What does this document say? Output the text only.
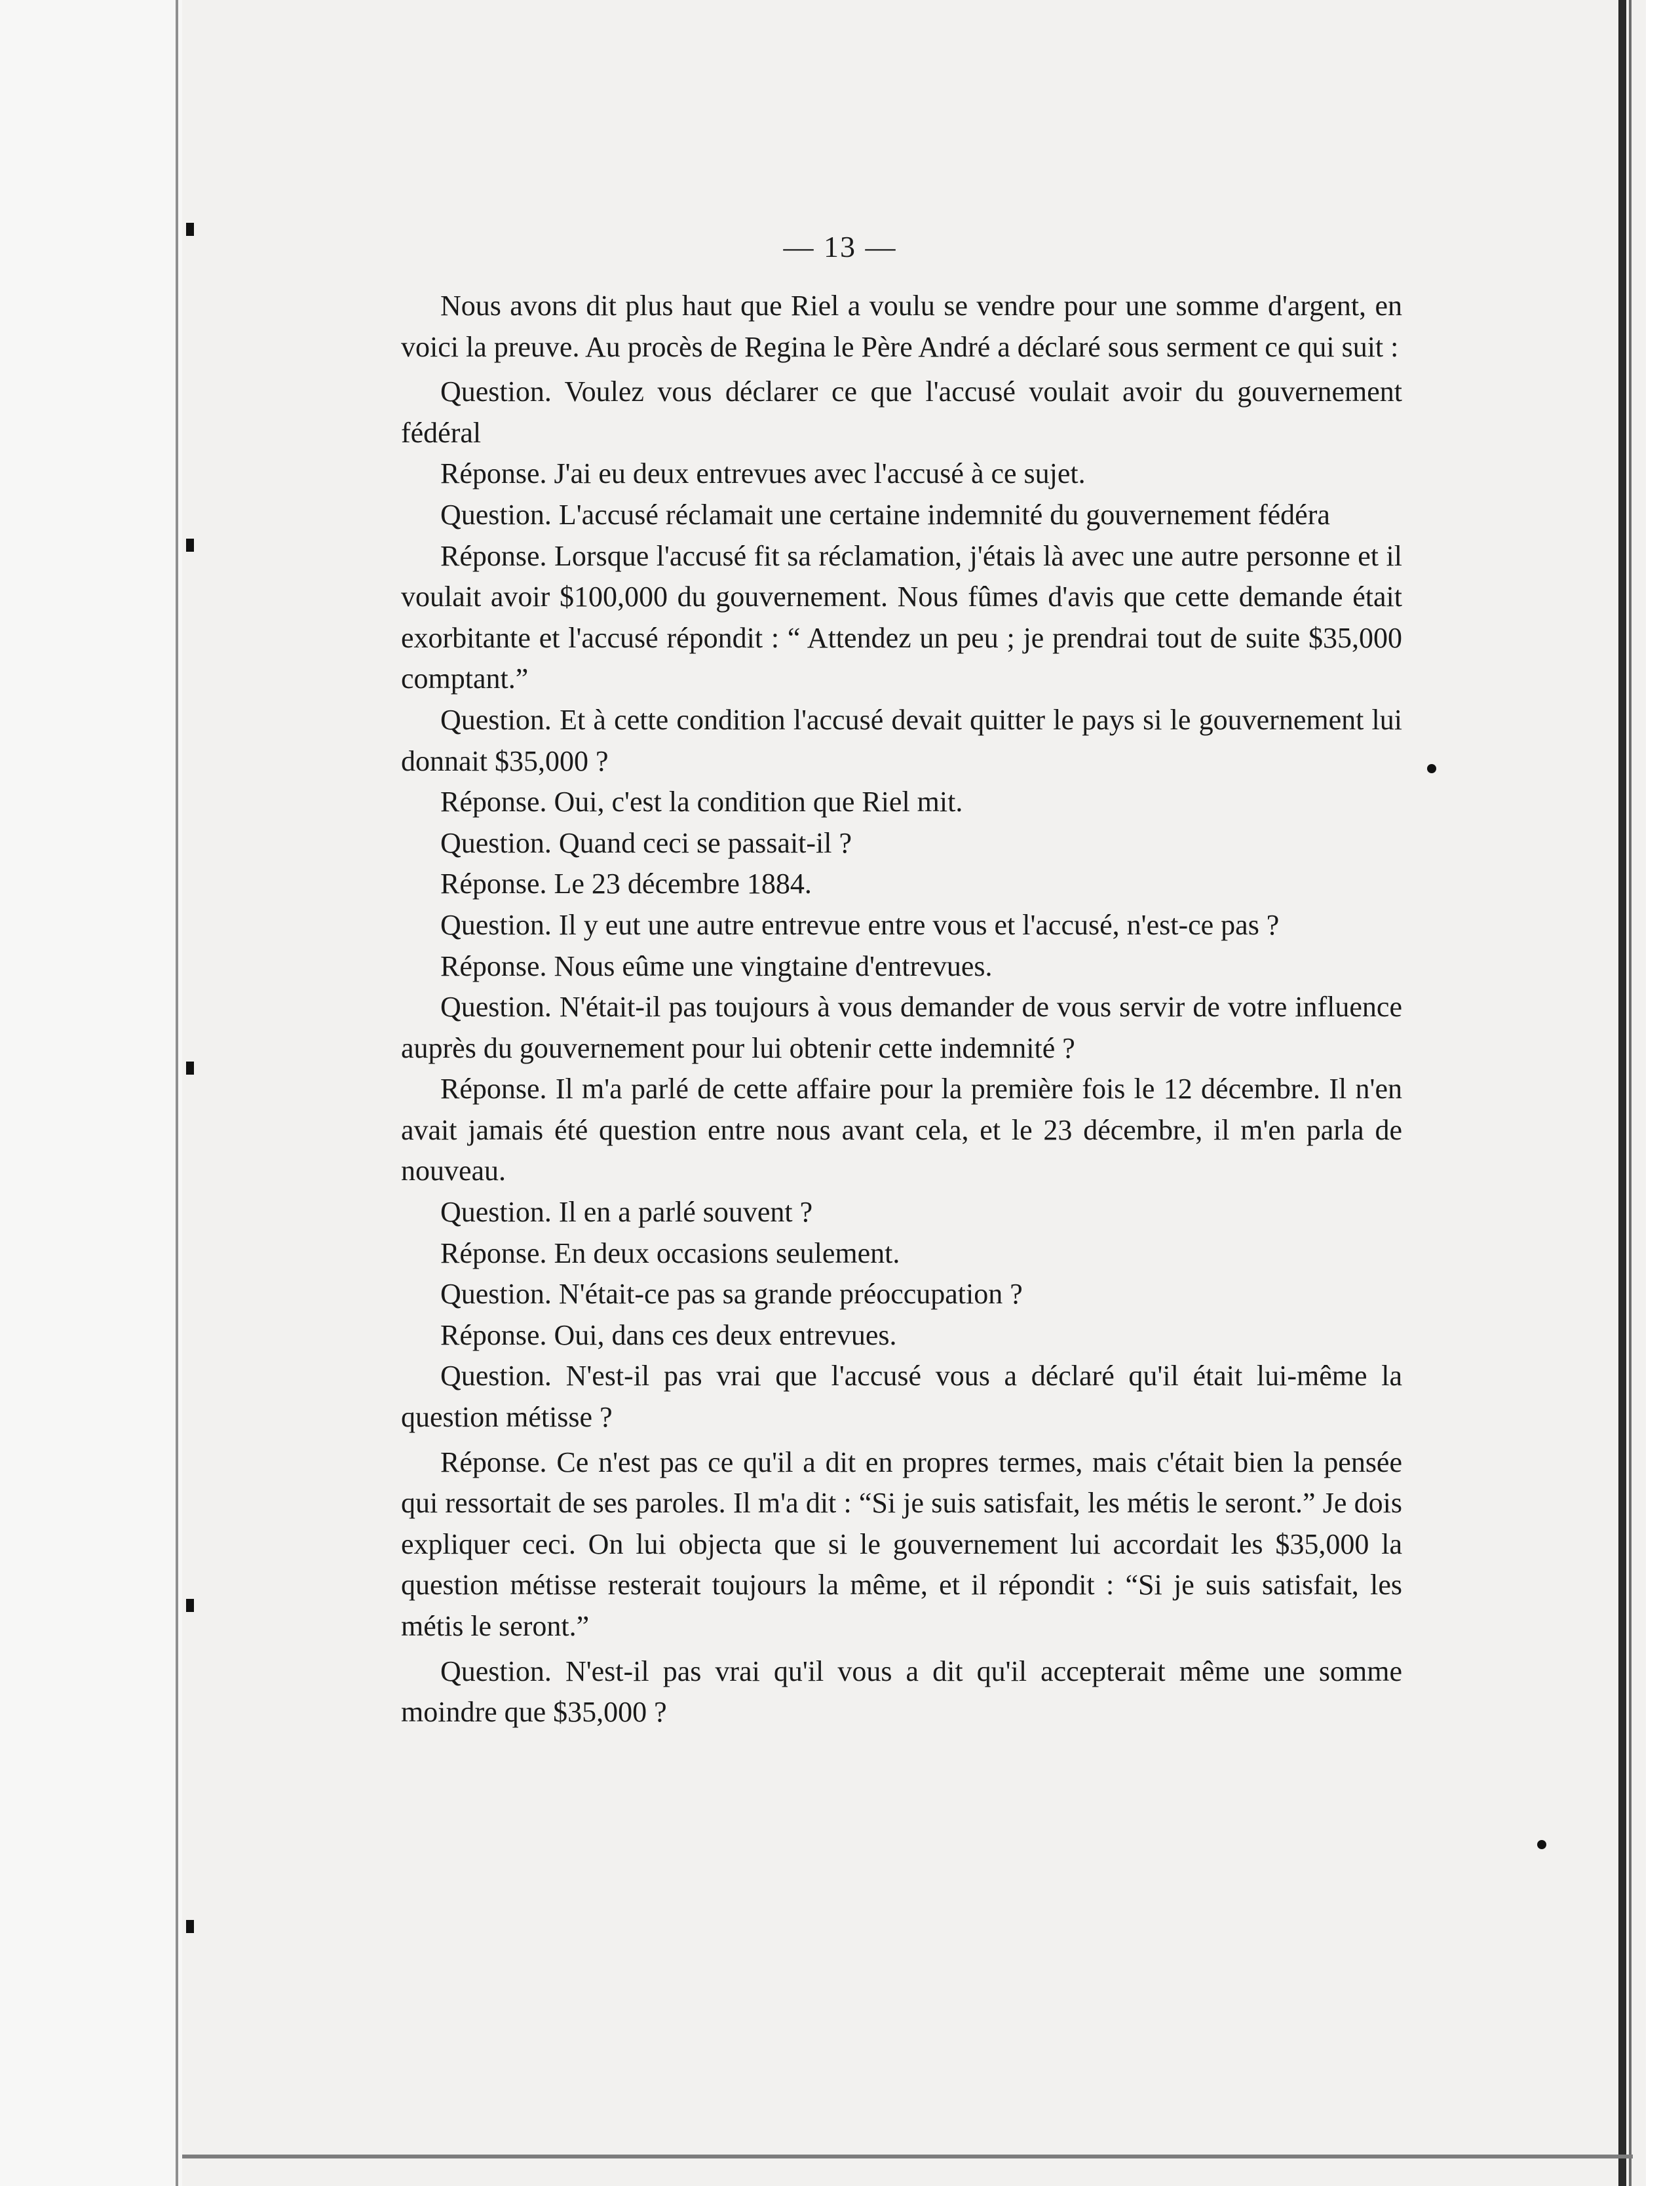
— 13 —

Nous avons dit plus haut que Riel a voulu se vendre pour une somme d'argent, en voici la preuve. Au procès de Regina le Père André a déclaré sous serment ce qui suit :

Question. Voulez vous déclarer ce que l'accusé voulait avoir du gouvernement fédéral

Réponse. J'ai eu deux entrevues avec l'accusé à ce sujet.

Question. L'accusé réclamait une certaine indemnité du gouvernement fédéra

Réponse. Lorsque l'accusé fit sa réclamation, j'étais là avec une autre personne et il voulait avoir $100,000 du gouvernement. Nous fûmes d'avis que cette demande était exorbitante et l'accusé répondit : “ Attendez un peu ; je prendrai tout de suite $35,000 comptant.”

Question. Et à cette condition l'accusé devait quitter le pays si le gouvernement lui donnait $35,000 ?

Réponse. Oui, c'est la condition que Riel mit.

Question. Quand ceci se passait-il ?

Réponse. Le 23 décembre 1884.

Question. Il y eut une autre entrevue entre vous et l'accusé, n'est-ce pas ?

Réponse. Nous eûme une vingtaine d'entrevues.

Question. N'était-il pas toujours à vous demander de vous servir de votre influence auprès du gouvernement pour lui obtenir cette indemnité ?

Réponse. Il m'a parlé de cette affaire pour la première fois le 12 décembre. Il n'en avait jamais été question entre nous avant cela, et le 23 décembre, il m'en parla de nouveau.

Question. Il en a parlé souvent ?

Réponse. En deux occasions seulement.

Question. N'était-ce pas sa grande préoccupation ?

Réponse. Oui, dans ces deux entrevues.

Question. N'est-il pas vrai que l'accusé vous a déclaré qu'il était lui-même la question métisse ?

Réponse. Ce n'est pas ce qu'il a dit en propres termes, mais c'était bien la pensée qui ressortait de ses paroles. Il m'a dit : “Si je suis satisfait, les métis le seront.” Je dois expliquer ceci. On lui objecta que si le gouvernement lui accordait les $35,000 la question métisse resterait toujours la même, et il répondit : “Si je suis satisfait, les métis le seront.”

Question. N'est-il pas vrai qu'il vous a dit qu'il accepterait même une somme moindre que $35,000 ?
